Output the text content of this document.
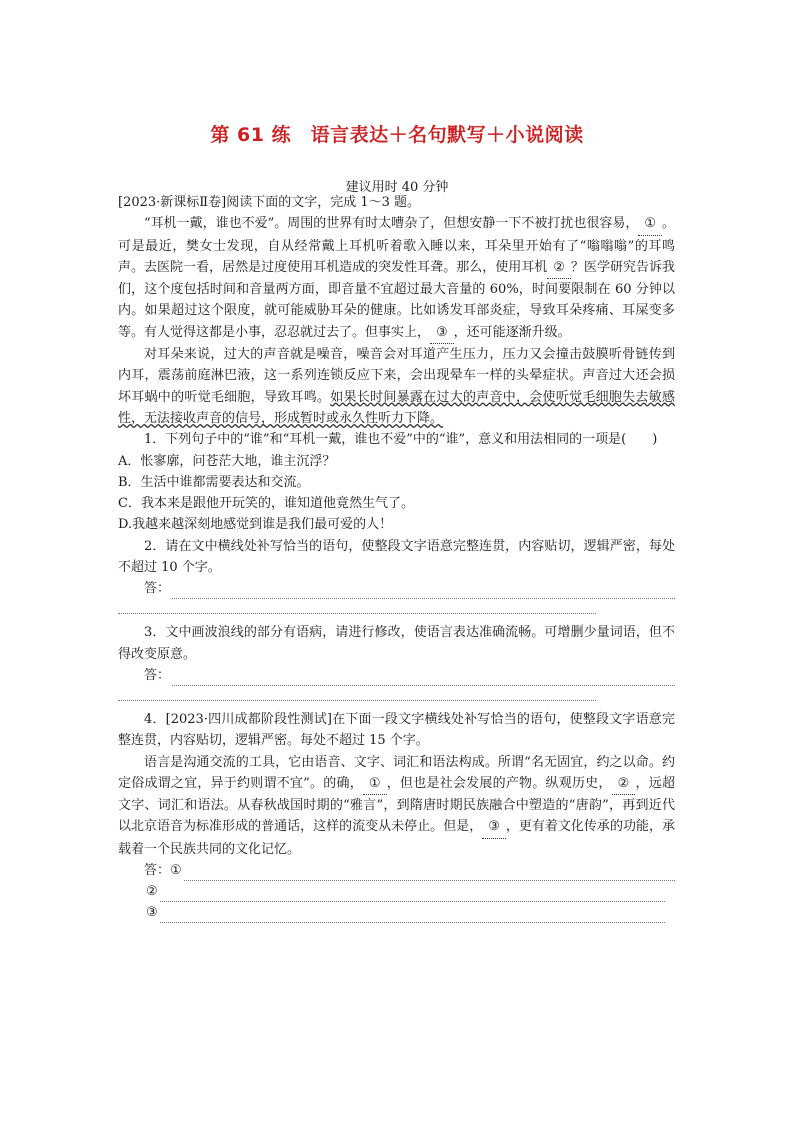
第 61 练　语言表达＋名句默写＋小说阅读
建议用时 40 分钟

[2023·新课标Ⅱ卷]阅读下面的文字，完成 1～3 题。

“耳机一戴，谁也不爱”。周围的世界有时太嘈杂了，但想安静一下不被打扰也很容易， ① 。可是最近，樊女士发现，自从经常戴上耳机听着歌入睡以来，耳朵里开始有了“嗡嗡嗡”的耳鸣声。去医院一看，居然是过度使用耳机造成的突发性耳聋。那么，使用耳机 ② ？医学研究告诉我们，这个度包括时间和音量两方面，即音量不宜超过最大音量的 60%，时间要限制在 60 分钟以内。如果超过这个限度，就可能威胁耳朵的健康。比如诱发耳部炎症，导致耳朵疼痛、耳屎变多等。有人觉得这都是小事，忍忍就过去了。但事实上， ③ ，还可能逐渐升级。

对耳朵来说，过大的声音就是噪音，噪音会对耳道产生压力，压力又会撞击鼓膜听骨链传到内耳，震荡前庭淋巴液，这一系列连锁反应下来，会出现晕车一样的头晕症状。声音过大还会损坏耳蜗中的听觉毛细胞，导致耳鸣。如果长时间暴露在过大的声音中，会使听觉毛细胞失去敏感性，无法接收声音的信号，形成暂时或永久性听力下降。

1．下列句子中的“谁”和“耳机一戴，谁也不爱”中的“谁”，意义和用法相同的一项是(　　)

A．怅寥廓，问苍茫大地，谁主沉浮？

B．生活中谁都需要表达和交流。

C．我本来是跟他开玩笑的，谁知道他竟然生气了。

D.我越来越深刻地感觉到谁是我们最可爱的人！

2．请在文中横线处补写恰当的语句，使整段文字语意完整连贯，内容贴切，逻辑严密，每处不超过 10 个字。

答：

3．文中画波浪线的部分有语病，请进行修改，使语言表达准确流畅。可增删少量词语，但不得改变原意。

答：

4．[2023·四川成都阶段性测试]在下面一段文字横线处补写恰当的语句，使整段文字语意完整连贯，内容贴切，逻辑严密。每处不超过 15 个字。

语言是沟通交流的工具，它由语音、文字、词汇和语法构成。所谓“名无固宜，约之以命。约定俗成谓之宜，异于约则谓不宜”。的确， ① ，但也是社会发展的产物。纵观历史， ② ，远超文字、词汇和语法。从春秋战国时期的“雅言”，到隋唐时期民族融合中塑造的“唐韵”，再到近代以北京语音为标准形成的普通话，这样的流变从未停止。但是， ③ ，更有着文化传承的功能，承载着一个民族共同的文化记忆。

答： ①
②
③
